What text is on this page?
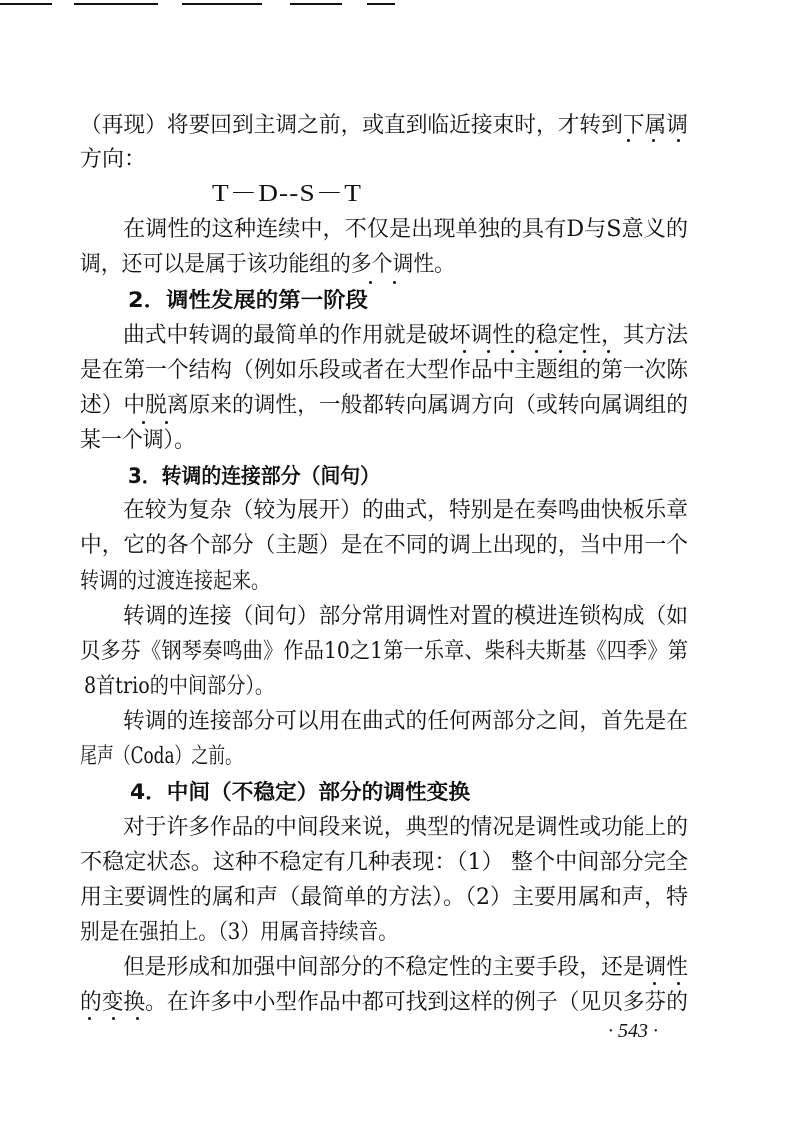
（再现）将要回到主调之前，或直到临近接束时，才转到下属调
方向：
T－D--S－T
在调性的这种连续中，不仅是出现单独的具有D与S意义的
调，还可以是属于该功能组的多个调性。
2．调性发展的第一阶段
曲式中转调的最简单的作用就是破坏调性的稳定性，其方法
是在第一个结构（例如乐段或者在大型作品中主题组的第一次陈
述）中脱离原来的调性，一般都转向属调方向（或转向属调组的
某一个调）。
3．转调的连接部分（间句）
在较为复杂（较为展开）的曲式，特别是在奏鸣曲快板乐章
中，它的各个部分（主题）是在不同的调上出现的，当中用一个
转调的过渡连接起来。
转调的连接（间句）部分常用调性对置的模进连锁构成（如
贝多芬《钢琴奏鸣曲》作品10之1第一乐章、柴科夫斯基《四季》第
8首trio的中间部分）。
转调的连接部分可以用在曲式的任何两部分之间，首先是在
尾声（Coda）之前。
4．中间（不稳定）部分的调性变换
对于许多作品的中间段来说，典型的情况是调性或功能上的
不稳定状态。这种不稳定有几种表现：（1） 整个中间部分完全
用主要调性的属和声（最简单的方法）。（2）主要用属和声，特
别是在强拍上。（3）用属音持续音。
但是形成和加强中间部分的不稳定性的主要手段，还是调性
的变换。在许多中小型作品中都可找到这样的例子（见贝多芬的
· 543 ·
